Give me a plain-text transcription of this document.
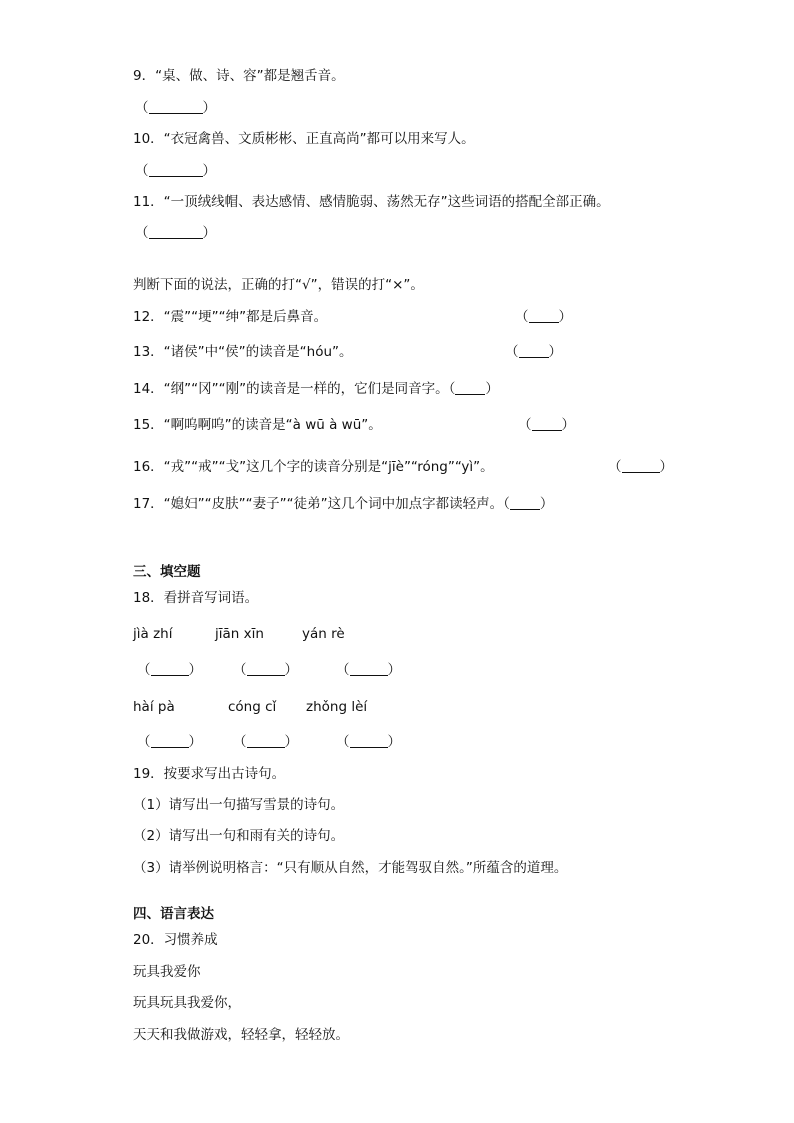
9．“桌、做、诗、容”都是翘舌音。
（	）
10．“衣冠禽兽、文质彬彬、正直高尚”都可以用来写人。
（	）
11．“一顶绒线帽、表达感情、感情脆弱、荡然无存”这些词语的搭配全部正确。
（	）
判断下面的说法，正确的打“√”，错误的打“×”。
12．“震”“埂”“绅”都是后鼻音。	（ ）
13．“诸侯”中“侯”的读音是“hóu”。	（ ）
14．“纲”“冈”“刚”的读音是一样的，它们是同音字。（ ）
15．“啊呜啊呜”的读音是“à wū à wū”。	（ ）
16．“戎”“戒”“戈”这几个字的读音分别是“jīè”“róng”“yì”。	（	）
17．“媳妇”“皮肤”“妻子”“徒弟”这几个词中加点字都读轻声。（ ）
三、填空题
18．看拼音写词语。
jìà zhí	jīān xīn	yán rè
（	） （	）	（	）
hàí pà	cóng cǐ zhǒng lèí
（	） （	）	（	）
19．按要求写出古诗句。
（1）请写出一句描写雪景的诗句。
（2）请写出一句和雨有关的诗句。
（3）请举例说明格言：“只有顺从自然，才能驾驭自然。”所蕴含的道理。
四、语言表达
20．习惯养成
玩具我爱你
玩具玩具我爱你，
天天和我做游戏，轻轻拿，轻轻放。
